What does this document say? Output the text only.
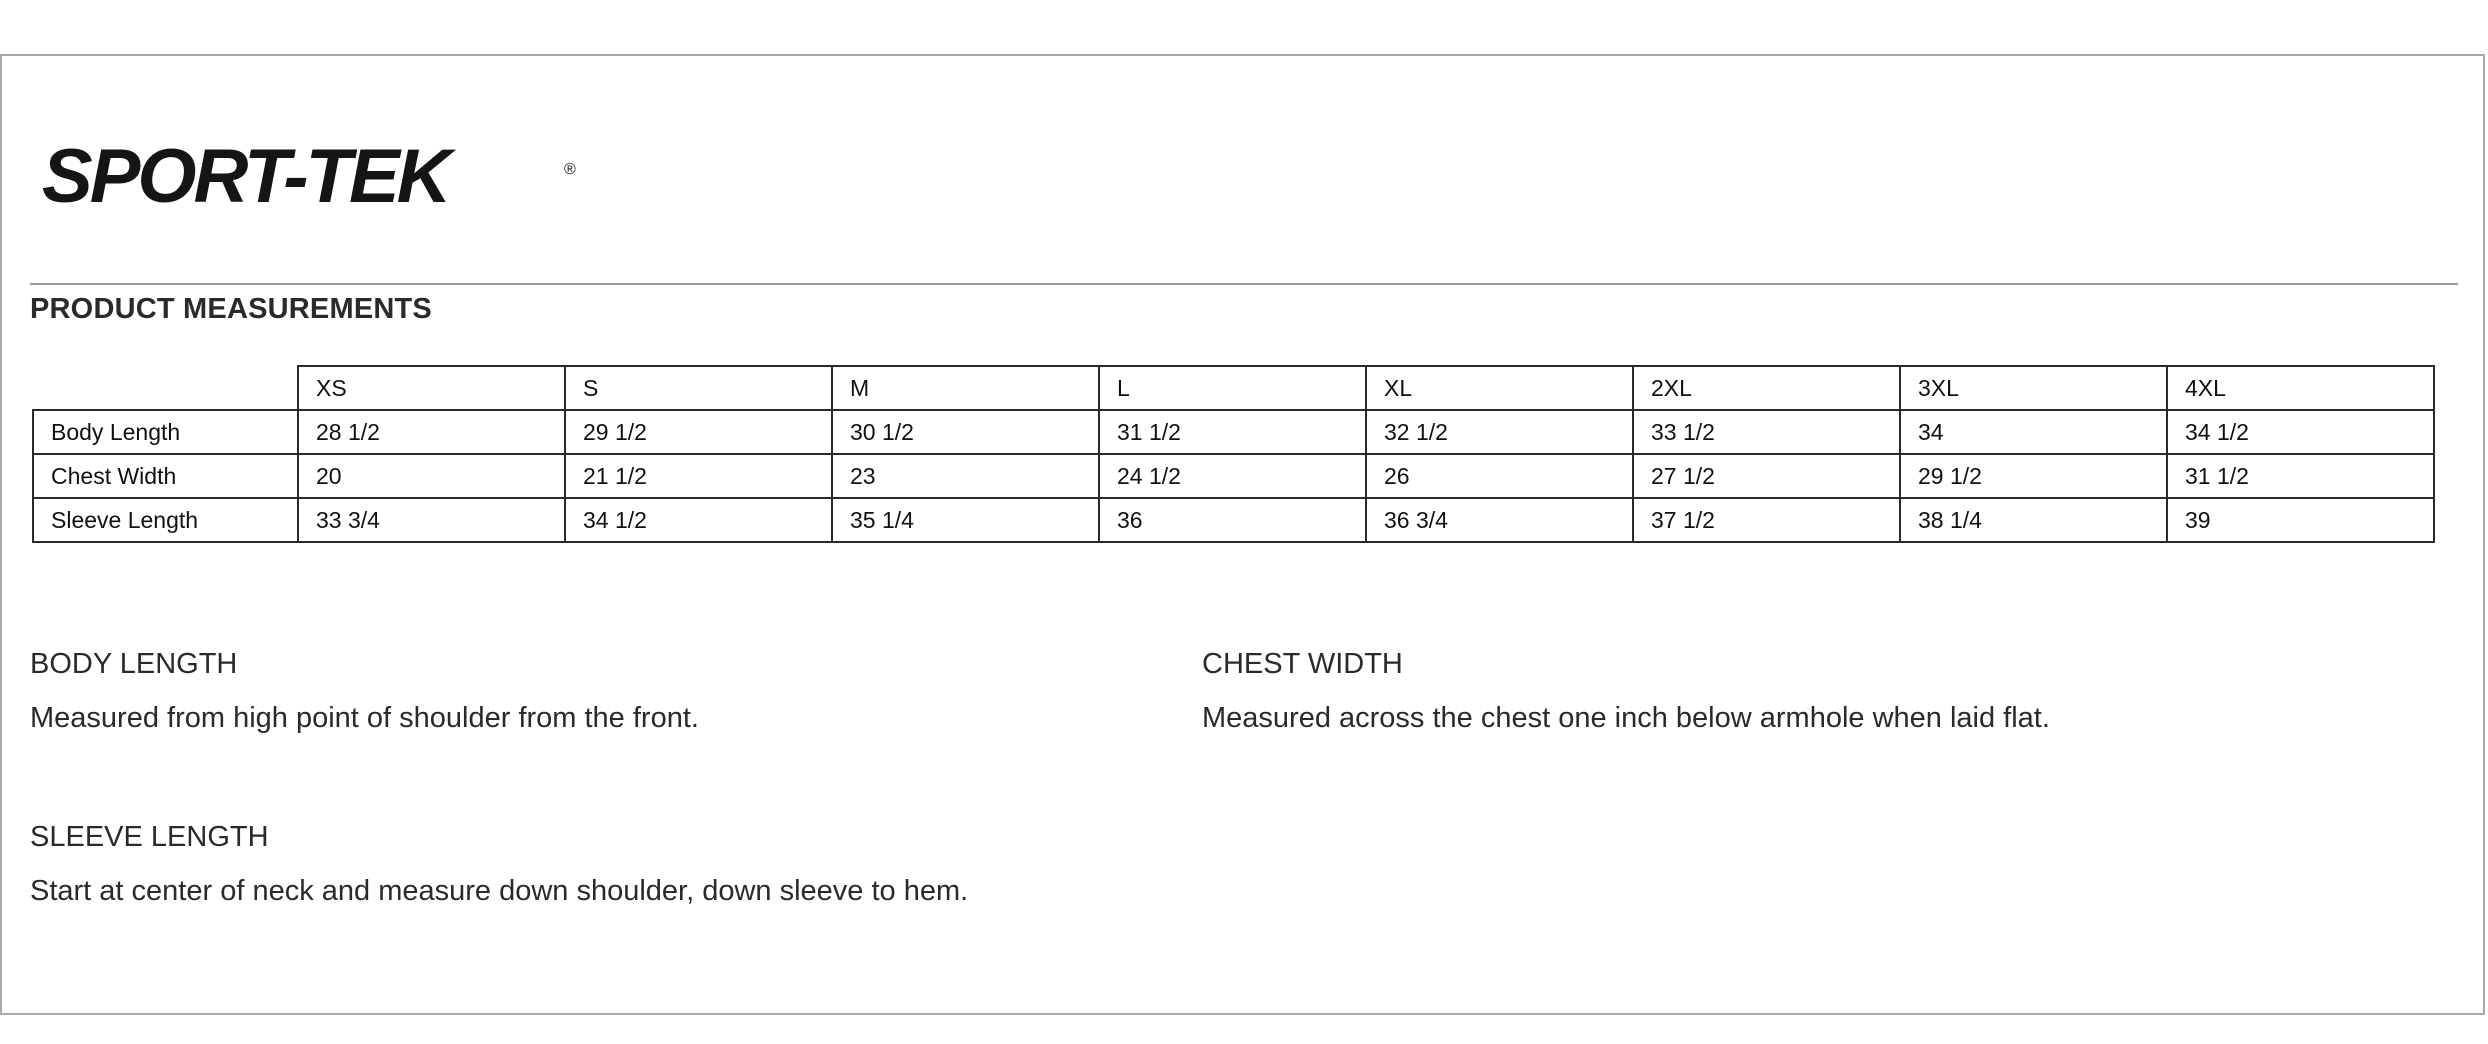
SPORT-TEK	®
PRODUCT MEASUREMENTS
	XS	S	M	L	XL	2XL	3XL	4XL
Body Length	28 1/2	29 1/2	30 1/2	31 1/2	32 1/2	33 1/2	34	34 1/2
Chest Width	20	21 1/2	23	24 1/2	26	27 1/2	29 1/2	31 1/2
Sleeve Length	33 3/4	34 1/2	35 1/4	36	36 3/4	37 1/2	38 1/4	39
BODY LENGTH
Measured from high point of shoulder from the front.
CHEST WIDTH
Measured across the chest one inch below armhole when laid flat.
SLEEVE LENGTH
Start at center of neck and measure down shoulder, down sleeve to hem.
